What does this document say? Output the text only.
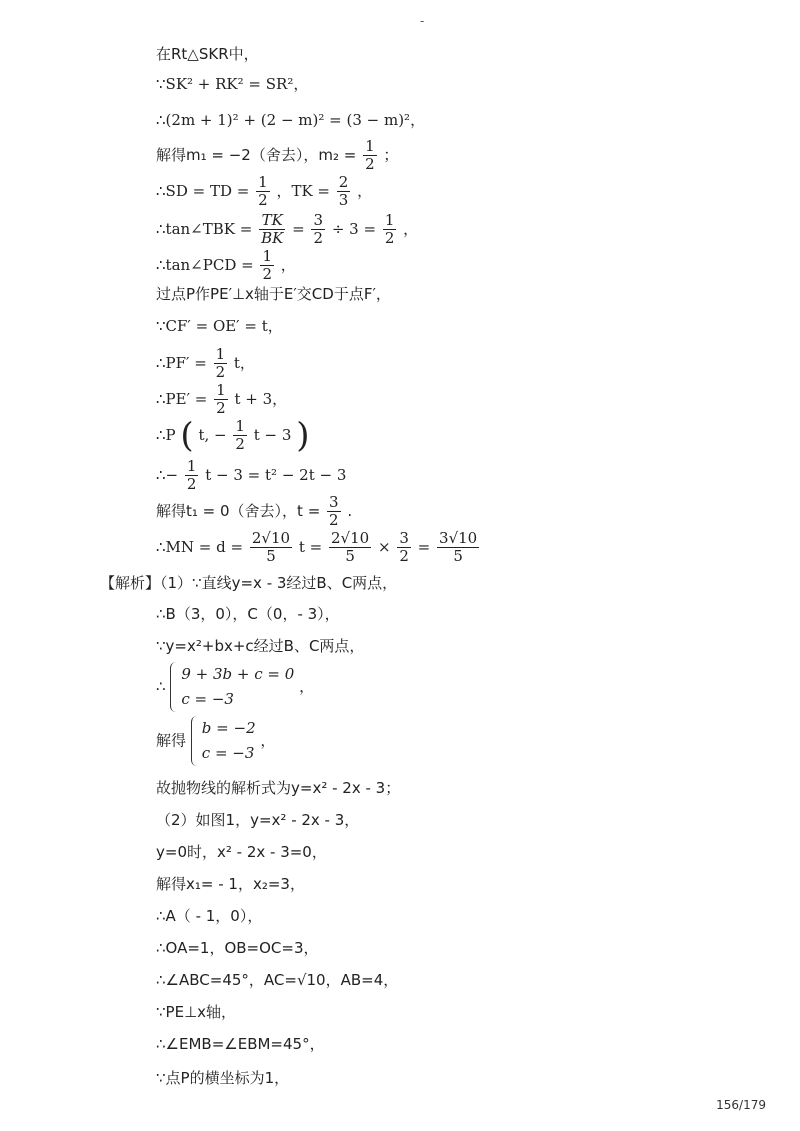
-
在Rt△SKR中，
∵SK² + RK² = SR²，
∴(2m + 1)² + (2 − m)² = (3 − m)²，
解得m₁ = −2（舍去），$m_2 = \frac{1}{2}$ ；
∴SD = TD = $\frac{1}{2}$ ，TK = $\frac{2}{3}$ ，
∴tan∠TBK = $\frac{TK}{BK} = \frac{3}{2} \div 3 = \frac{1}{2}$ ，
∴tan∠PCD = $\frac{1}{2}$ ，
过点P作PE′⊥x轴于E′交CD于点F′，
∵CF′ = OE′ = t，
∴PF′ = $\frac{1}{2}$ t，
∴PE′ = $\frac{1}{2}$ t + 3，
∴P ( t, − $\frac{1}{2}$ t − 3 )
∴− $\frac{1}{2}$ t − 3 = t² − 2t − 3
解得t₁ = 0（舍去），$t = \frac{3}{2}$ .
∴MN = $d = \frac{2√10}{5}$ $t = \frac{2√10}{5} \times \frac{3}{2} = \frac{3√10}{5}$
【解析】（1）∵直线y=x - 3经过B、C两点，
∴B（3，0），C（0，- 3），
∵y=x²+bx+c经过B、C两点，
∴
9 + 3b + c = 0
c = −3
，
解得
b = −2
c = −3
，
故抛物线的解析式为y=x² - 2x - 3；
（2）如图1，y=x² - 2x - 3，
y=0时，x² - 2x - 3=0，
解得x₁= - 1，x₂=3，
∴A（ - 1，0），
∴OA=1，OB=OC=3，
∴∠ABC=45°，AC=√10，AB=4，
∵PE⊥x轴，
∴∠EMB=∠EBM=45°，
∵点P的横坐标为1，
156/179
